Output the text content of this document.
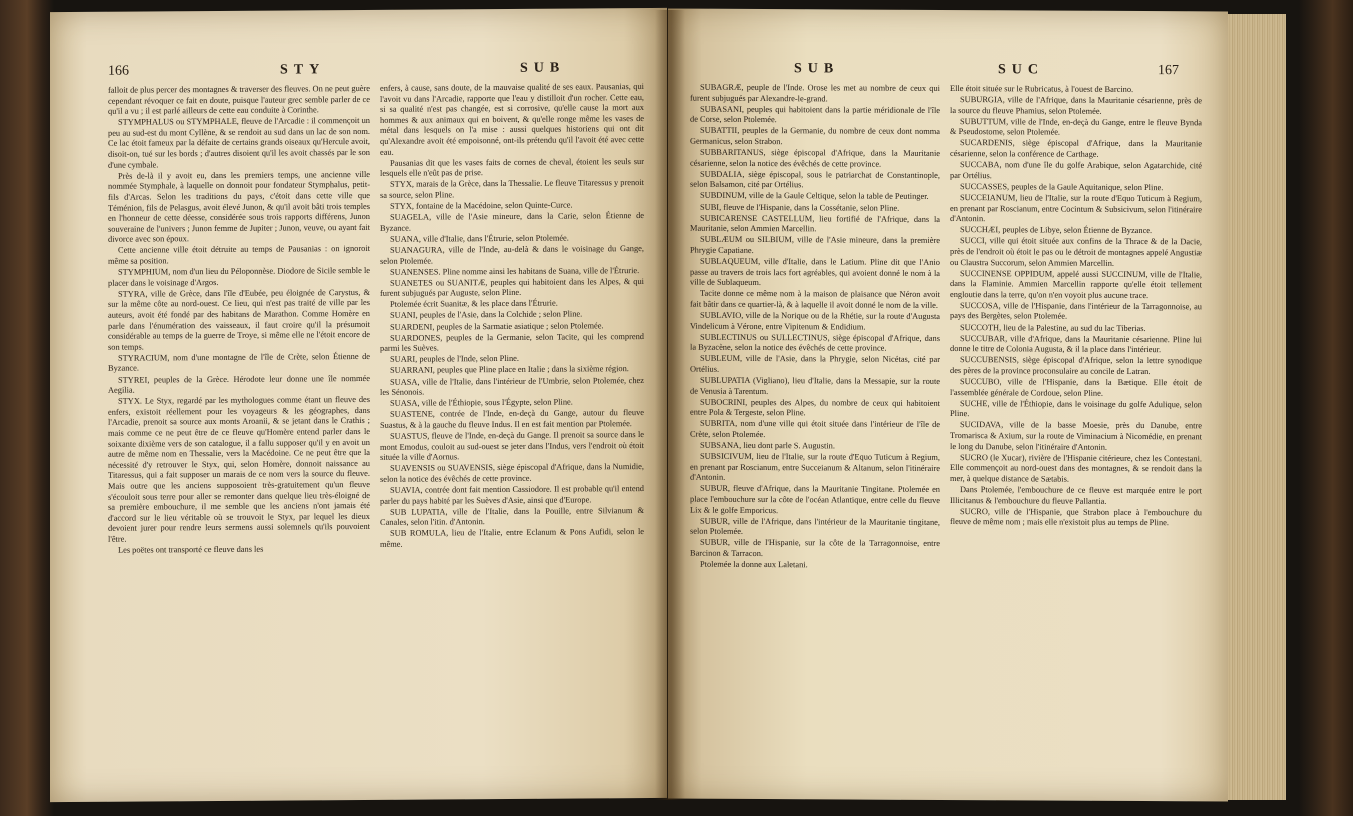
166	STY	SUB

falloit de plus percer des montagnes & traverser des fleuves. On ne peut guère cependant révoquer ce fait en doute, puisque l'auteur grec semble parler de ce qu'il a vu ; il est parlé ailleurs de cette eau conduite à Corinthe.

STYMPHALUS ou STYMPHALE, fleuve de l'Arcadie : il commençoit un peu au sud-est du mont Cyllène, & se rendoit au sud dans un lac de son nom. Ce lac étoit fameux par la défaite de certains grands oiseaux qu'Hercule avoit, disoit-on, tué sur les bords ; d'autres disoient qu'il les avoit chassés par le son d'une cymbale.

Près de-là il y avoit eu, dans les premiers temps, une ancienne ville nommée Stymphale, à laquelle on donnoit pour fondateur Stymphalus, petit-fils d'Arcas. Selon les traditions du pays, c'étoit dans cette ville que Téménion, fils de Pelasgus, avoit élevé Junon, & qu'il avoit bâti trois temples en l'honneur de cette déesse, considérée sous trois rapports différens, Junon souveraine de l'univers ; Junon femme de Jupiter ; Junon, veuve, ou ayant fait divorce avec son époux.

Cette ancienne ville étoit détruite au temps de Pausanias : on ignoroit même sa position.

STYMPHIUM, nom d'un lieu du Péloponnèse. Diodore de Sicile semble le placer dans le voisinage d'Argos.

STYRA, ville de Grèce, dans l'île d'Eubée, peu éloignée de Carystus, & sur la même côte au nord-ouest. Ce lieu, qui n'est pas traité de ville par les auteurs, avoit été fondé par des habitans de Marathon. Comme Homère en parle dans l'énumération des vaisseaux, il faut croire qu'il la présumoit considérable au temps de la guerre de Troye, si même elle ne l'étoit encore de son temps.

STYRACIUM, nom d'une montagne de l'île de Crète, selon Étienne de Byzance.

STYREI, peuples de la Grèce. Hérodote leur donne une île nommée Aegilia.

STYX. Le Styx, regardé par les mythologues comme étant un fleuve des enfers, existoit réellement pour les voyageurs & les géographes, dans l'Arcadie, prenoit sa source aux monts Aroanii, & se jetant dans le Crathis ; mais comme ce ne peut être de ce fleuve qu'Homère entend parler dans le soixante dixième vers de son catalogue, il a fallu supposer qu'il y en avoit un autre de même nom en Thessalie, vers la Macédoine. Ce ne peut être que la nécessité d'y retrouver le Styx, qui, selon Homère, donnoit naissance au Titaressus, qui a fait supposer un marais de ce nom vers la source du fleuve. Mais outre que les anciens supposoient très-gratuitement qu'un fleuve s'écouloit sous terre pour aller se remonter dans quelque lieu très-éloigné de sa première embouchure, il me semble que les anciens n'ont jamais été d'accord sur le lieu véritable où se trouvoit le Styx, par lequel les dieux devoient jurer pour rendre leurs sermens aussi solemnels qu'ils pouvoient l'être.

Les poëtes ont transporté ce fleuve dans les

enfers, à cause, sans doute, de la mauvaise qualité de ses eaux. Pausanias, qui l'avoit vu dans l'Arcadie, rapporte que l'eau y distilloit d'un rocher. Cette eau, si sa qualité n'est pas changée, est si corrosive, qu'elle cause la mort aux hommes & aux animaux qui en boivent, & qu'elle ronge même les vases de métal dans lesquels on l'a mise : aussi quelques historiens qui ont dit qu'Alexandre avoit été empoisonné, ont-ils prétendu qu'il l'avoit été avec cette eau.

Pausanias dit que les vases faits de cornes de cheval, étoient les seuls sur lesquels elle n'eût pas de prise.

STYX, marais de la Grèce, dans la Thessalie. Le fleuve Titaressus y prenoit sa source, selon Pline.

STYX, fontaine de la Macédoine, selon Quinte-Curce.

SUAGELA, ville de l'Asie mineure, dans la Carie, selon Étienne de Byzance.

SUANA, ville d'Italie, dans l'Étrurie, selon Ptolemée.

SUANAGURA, ville de l'Inde, au-delà & dans le voisinage du Gange, selon Ptolemée.

SUANENSES. Pline nomme ainsi les habitans de Suana, ville de l'Étrurie.

SUANETES ou SUANITÆ, peuples qui habitoient dans les Alpes, & qui furent subjugués par Auguste, selon Pline.

Ptolemée écrit Suanitæ, & les place dans l'Étrurie.

SUANI, peuples de l'Asie, dans la Colchide ; selon Pline.

SUARDENI, peuples de la Sarmatie asiatique ; selon Ptolemée.

SUARDONES, peuples de la Germanie, selon Tacite, qui les comprend parmi les Suèves.

SUARI, peuples de l'Inde, selon Pline.

SUARRANI, peuples que Pline place en Italie ; dans la sixième région.

SUASA, ville de l'Italie, dans l'intérieur de l'Umbrie, selon Ptolemée, chez les Sénonois.

SUASA, ville de l'Éthiopie, sous l'Égypte, selon Pline.

SUASTENE, contrée de l'Inde, en-deçà du Gange, autour du fleuve Suastus, & à la gauche du fleuve Indus. Il en est fait mention par Ptolemée.

SUASTUS, fleuve de l'Inde, en-deçà du Gange. Il prenoit sa source dans le mont Emodus, couloit au sud-ouest se jeter dans l'Indus, vers l'endroit où étoit située la ville d'Aornus.

SUAVENSIS ou SUAVENSIS, siège épiscopal d'Afrique, dans la Numidie, selon la notice des évêchés de cette province.

SUAVIA, contrée dont fait mention Cassiodore. Il est probable qu'il entend parler du pays habité par les Suèves d'Asie, ainsi que d'Europe.

SUB LUPATIA, ville de l'Italie, dans la Pouille, entre Silvianum & Canales, selon l'itin. d'Antonin.

SUB ROMULA, lieu de l'Italie, entre Eclanum & Pons Aufidi, selon le même.

SUB	SUC	167

SUBAGRÆ, peuple de l'Inde. Orose les met au nombre de ceux qui furent subjugués par Alexandre-le-grand.

SUBASANI, peuples qui habitoient dans la partie méridionale de l'île de Corse, selon Ptolemée.

SUBATTII, peuples de la Germanie, du nombre de ceux dont nomma Germanicus, selon Strabon.

SUBBARITANUS, siège épiscopal d'Afrique, dans la Mauritanie césarienne, selon la notice des évêchés de cette province.

SUBDALIA, siège épiscopal, sous le patriarchat de Constantinople, selon Balsamon, cité par Ortélius.

SUBDINUM, ville de la Gaule Celtique, selon la table de Peutinger.

SUBI, fleuve de l'Hispanie, dans la Cossétanie, selon Pline.

SUBICARENSE CASTELLUM, lieu fortifié de l'Afrique, dans la Mauritanie, selon Ammien Marcellin.

SUBLÆUM ou SILBIUM, ville de l'Asie mineure, dans la première Phrygie Capatiane.

SUBLAQUEUM, ville d'Italie, dans le Latium. Pline dit que l'Anio passe au travers de trois lacs fort agréables, qui avoient donné le nom à la ville de Sublaqueum.

Tacite donne ce même nom à la maison de plaisance que Néron avoit fait bâtir dans ce quartier-là, & à laquelle il avoit donné le nom de la ville.

SUBLAVIO, ville de la Norique ou de la Rhétie, sur la route d'Augusta Vindelicum à Vérone, entre Vipitenum & Endidium.

SUBLECTINUS ou SULLECTINUS, siège épiscopal d'Afrique, dans la Byzacène, selon la notice des évêchés de cette province.

SUBLEUM, ville de l'Asie, dans la Phrygie, selon Nicétas, cité par Ortélius.

SUBLUPATIA (Vigliano), lieu d'Italie, dans la Messapie, sur la route de Venusia à Tarentum.

SUBOCRINI, peuples des Alpes, du nombre de ceux qui habitoient entre Pola & Tergeste, selon Pline.

SUBRITA, nom d'une ville qui étoit située dans l'intérieur de l'île de Crète, selon Ptolemée.

SUBSANA, lieu dont parle S. Augustin.

SUBSICIVUM, lieu de l'Italie, sur la route d'Equo Tuticum à Regium, en prenant par Roscianum, entre Succeianum & Altanum, selon l'itinéraire d'Antonin.

SUBUR, fleuve d'Afrique, dans la Mauritanie Tingitane. Ptolemée en place l'embouchure sur la côte de l'océan Atlantique, entre celle du fleuve Lix & le golfe Emporicus.

SUBUR, ville de l'Afrique, dans l'intérieur de la Mauritanie tingitane, selon Ptolemée.

SUBUR, ville de l'Hispanie, sur la côte de la Tarragonnoise, entre Barcinon & Tarracon.

Ptolemée la donne aux Laletani.

Elle étoit située sur le Rubricatus, à l'ouest de Barcino.

SUBURGIA, ville de l'Afrique, dans la Mauritanie césarienne, près de la source du fleuve Phamius, selon Ptolemée.

SUBUTTUM, ville de l'Inde, en-deçà du Gange, entre le fleuve Bynda & Pseudostome, selon Ptolemée.

SUCARDENIS, siège épiscopal d'Afrique, dans la Mauritanie césarienne, selon la conférence de Carthage.

SUCCABA, nom d'une île du golfe Arabique, selon Agatarchide, cité par Ortélius.

SUCCASSES, peuples de la Gaule Aquitanique, selon Pline.

SUCCEIANUM, lieu de l'Italie, sur la route d'Equo Tuticum à Regium, en prenant par Roscianum, entre Cocintum & Subsicivum, selon l'itinéraire d'Antonin.

SUCCHÆI, peuples de Libye, selon Étienne de Byzance.

SUCCI, ville qui étoit située aux confins de la Thrace & de la Dacie, près de l'endroit où étoit le pas ou le détroit de montagnes appelé Angustiæ ou Claustra Succorum, selon Ammien Marcellin.

SUCCINENSE OPPIDUM, appelé aussi SUCCINUM, ville de l'Italie, dans la Flaminie. Ammien Marcellin rapporte qu'elle étoit tellement engloutie dans la terre, qu'on n'en voyoit plus aucune trace.

SUCCOSA, ville de l'Hispanie, dans l'intérieur de la Tarragonnoise, au pays des Bergètes, selon Ptolemée.

SUCCOTH, lieu de la Palestine, au sud du lac Tiberias.

SUCCUBAR, ville d'Afrique, dans la Mauritanie césarienne. Pline lui donne le titre de Colonia Augusta, & il la place dans l'intérieur.

SUCCUBENSIS, siège épiscopal d'Afrique, selon la lettre synodique des pères de la province proconsulaire au concile de Latran.

SUCCUBO, ville de l'Hispanie, dans la Bætique. Elle étoit de l'assemblée générale de Cordoue, selon Pline.

SUCHE, ville de l'Éthiopie, dans le voisinage du golfe Adulique, selon Pline.

SUCIDAVA, ville de la basse Moesie, près du Danube, entre Tromarisca & Axium, sur la route de Viminacium à Nicomédie, en prenant le long du Danube, selon l'itinéraire d'Antonin.

SUCRO (le Xucar), rivière de l'Hispanie citérieure, chez les Contestani. Elle commençoit au nord-ouest dans des montagnes, & se rendoit dans la mer, à quelque distance de Sætabis.

Dans Ptolemée, l'embouchure de ce fleuve est marquée entre le port Illicitanus & l'embouchure du fleuve Pallantia.

SUCRO, ville de l'Hispanie, que Strabon place à l'embouchure du fleuve de même nom ; mais elle n'existoit plus au temps de Pline.
